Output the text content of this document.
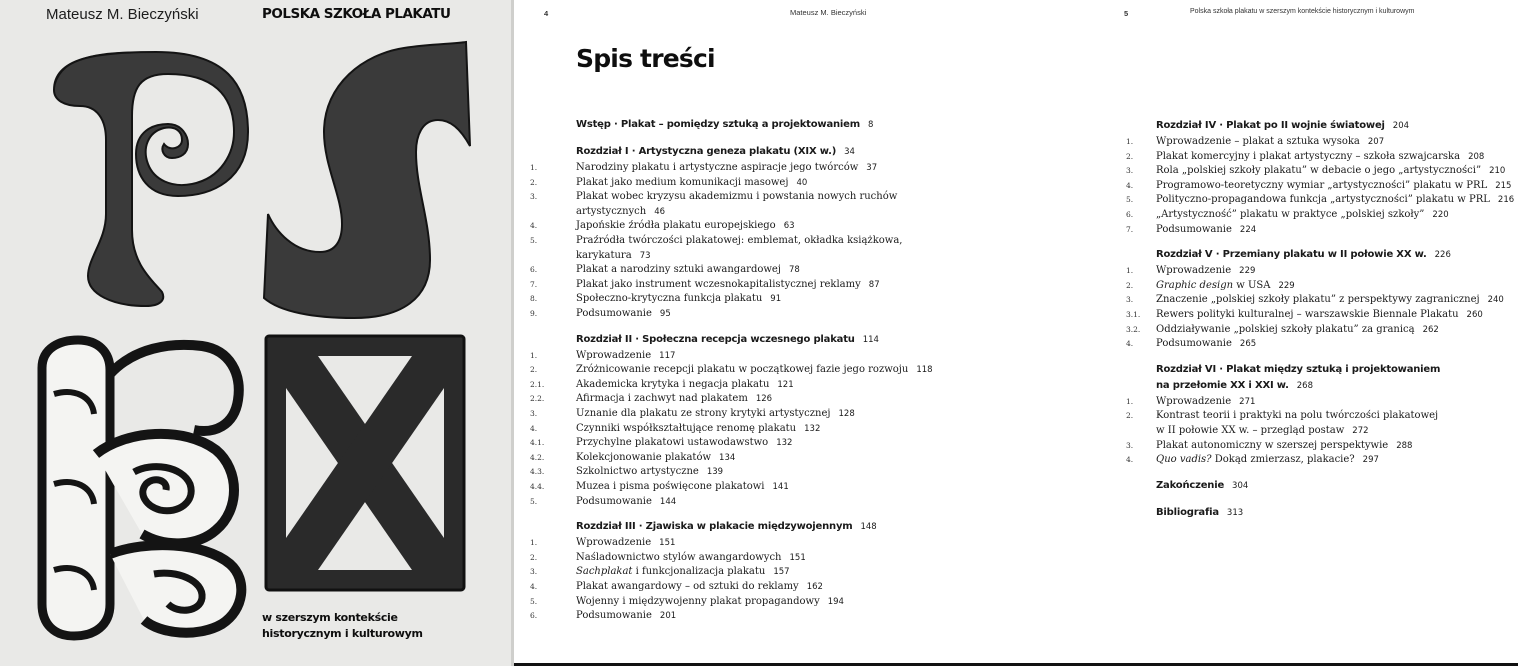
Mateusz M. Bieczyński	POLSKA SZKOŁA PLAKATU
w szerszym kontekście
historycznym i kulturowym
4	Mateusz M. Bieczyński	5	Polska szkoła plakatu w szerszym kontekście historycznym i kulturowym
Spis treści
Wstęp · Plakat – pomiędzy sztuką a projektowaniem 8
Rozdział I · Artystyczna geneza plakatu (XIX w.) 34
1.	Narodziny plakatu i artystyczne aspiracje jego twórców 37
2.	Plakat jako medium komunikacji masowej 40
3.	Plakat wobec kryzysu akademizmu i powstania nowych ruchów
artystycznych 46
4.	Japońskie źródła plakatu europejskiego 63
5.	Praźródła twórczości plakatowej: emblemat, okładka książkowa,
karykatura 73
6.	Plakat a narodziny sztuki awangardowej 78
7.	Plakat jako instrument wczesnokapitalistycznej reklamy 87
8.	Społeczno-krytyczna funkcja plakatu 91
9.	Podsumowanie 95
Rozdział II · Społeczna recepcja wczesnego plakatu 114
1.	Wprowadzenie 117
2.	Zróżnicowanie recepcji plakatu w początkowej fazie jego rozwoju 118
2.1.	Akademicka krytyka i negacja plakatu 121
2.2.	Afirmacja i zachwyt nad plakatem 126
3.	Uznanie dla plakatu ze strony krytyki artystycznej 128
4.	Czynniki współkształtujące renomę plakatu 132
4.1.	Przychylne plakatowi ustawodawstwo 132
4.2.	Kolekcjonowanie plakatów 134
4.3.	Szkolnictwo artystyczne 139
4.4.	Muzea i pisma poświęcone plakatowi 141
5.	Podsumowanie 144
Rozdział III · Zjawiska w plakacie międzywojennym 148
1.	Wprowadzenie 151
2.	Naśladownictwo stylów awangardowych 151
3.	Sachplakat i funkcjonalizacja plakatu 157
4.	Plakat awangardowy – od sztuki do reklamy 162
5.	Wojenny i międzywojenny plakat propagandowy 194
6.	Podsumowanie 201
Rozdział IV · Plakat po II wojnie światowej 204
1. Wprowadzenie – plakat a sztuka wysoka 207
2. Plakat komercyjny i plakat artystyczny – szkoła szwajcarska 208
3. Rola „polskiej szkoły plakatu” w debacie o jego „artystyczności” 210
4. Programowo-teoretyczny wymiar „artystyczności” plakatu w PRL 215
5. Polityczno-propagandowa funkcja „artystyczności” plakatu w PRL 216
6. „Artystyczność” plakatu w praktyce „polskiej szkoły” 220
7. Podsumowanie 224
Rozdział V · Przemiany plakatu w II połowie XX w. 226
1. Wprowadzenie 229
2. Graphic design w USA 229
3. Znaczenie „polskiej szkoły plakatu” z perspektywy zagranicznej 240
3.1. Rewers polityki kulturalnej – warszawskie Biennale Plakatu 260
3.2. Oddziaływanie „polskiej szkoły plakatu” za granicą 262
4. Podsumowanie 265
Rozdział VI · Plakat między sztuką i projektowaniem
na przełomie XX i XXI w. 268
1. Wprowadzenie 271
2. Kontrast teorii i praktyki na polu twórczości plakatowej
w II połowie XX w. – przegląd postaw 272
3. Plakat autonomiczny w szerszej perspektywie 288
4. Quo vadis? Dokąd zmierzasz, plakacie? 297
Zakończenie 304
Bibliografia 313
